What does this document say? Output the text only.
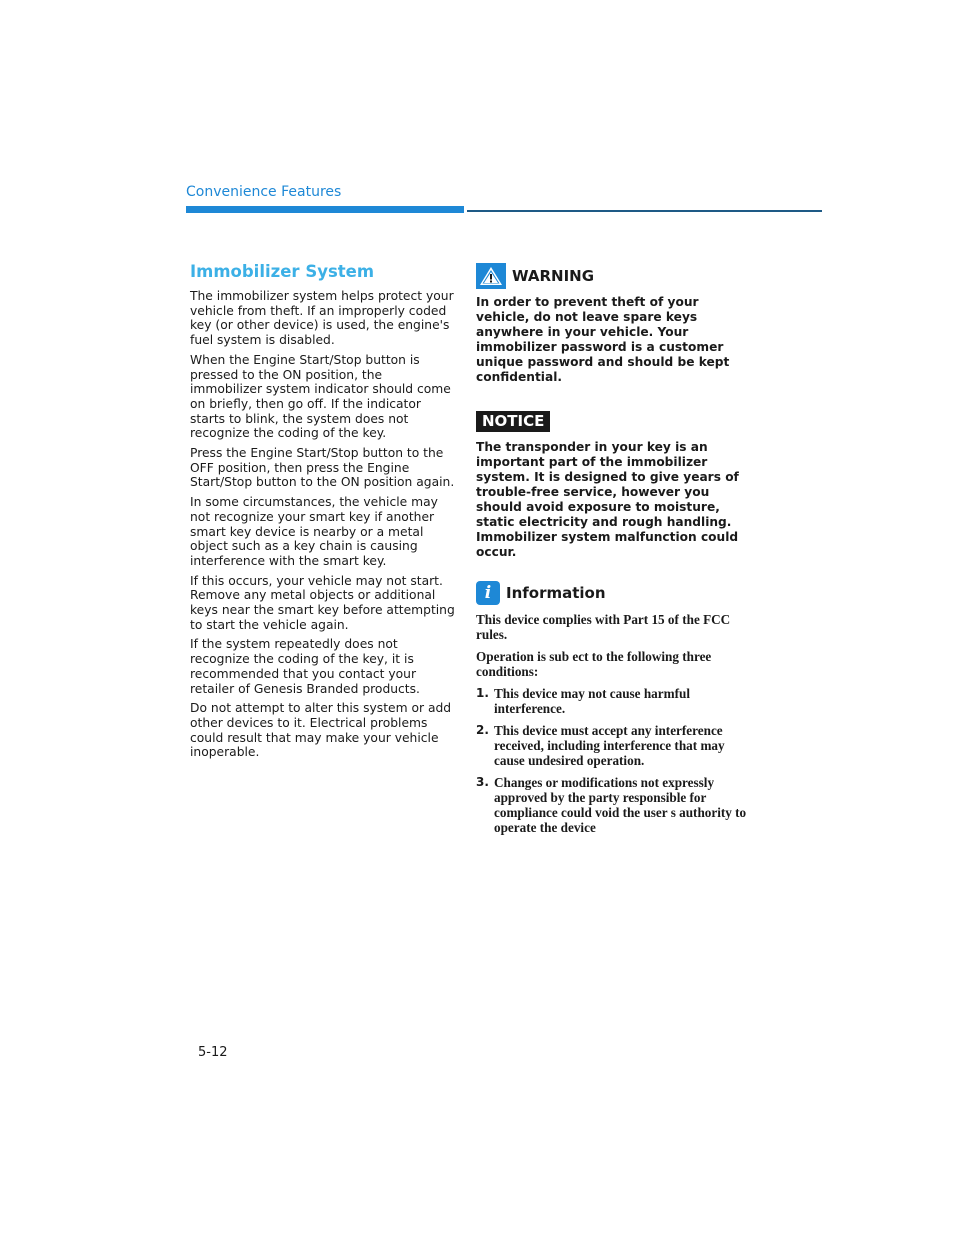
Convenience Features
Immobilizer System

The immobilizer system helps protect your vehicle from theft. If an improperly coded key (or other device) is used, the engine's fuel system is disabled.

When the Engine Start/Stop button is pressed to the ON position, the immobilizer system indicator should come on briefly, then go off. If the indicator starts to blink, the system does not recognize the coding of the key.

Press the Engine Start/Stop button to the OFF position, then press the Engine Start/Stop button to the ON position again.

In some circumstances, the vehicle may not recognize your smart key if another smart key device is nearby or a metal object such as a key chain is causing interference with the smart key.

If this occurs, your vehicle may not start. Remove any metal objects or additional keys near the smart key before attempting to start the vehicle again.

If the system repeatedly does not recognize the coding of the key, it is recommended that you contact your retailer of Genesis Branded products.

Do not attempt to alter this system or add other devices to it. Electrical problems could result that may make your vehicle inoperable.

WARNING

In order to prevent theft of your vehicle, do not leave spare keys anywhere in your vehicle. Your immobilizer password is a customer unique password and should be kept confidential.

NOTICE

The transponder in your key is an important part of the immobilizer system. It is designed to give years of trouble-free service, however you should avoid exposure to moisture, static electricity and rough handling. Immobilizer system malfunction could occur.

i Information

This device complies with Part 15 of the FCC rules.

Operation is sub ect to the following three conditions:

1. This device may not cause harmful interference.
2. This device must accept any interference received, including interference that may cause undesired operation.
3. Changes or modifications not expressly approved by the party responsible for compliance could void the user s authority to operate the device
5-12
